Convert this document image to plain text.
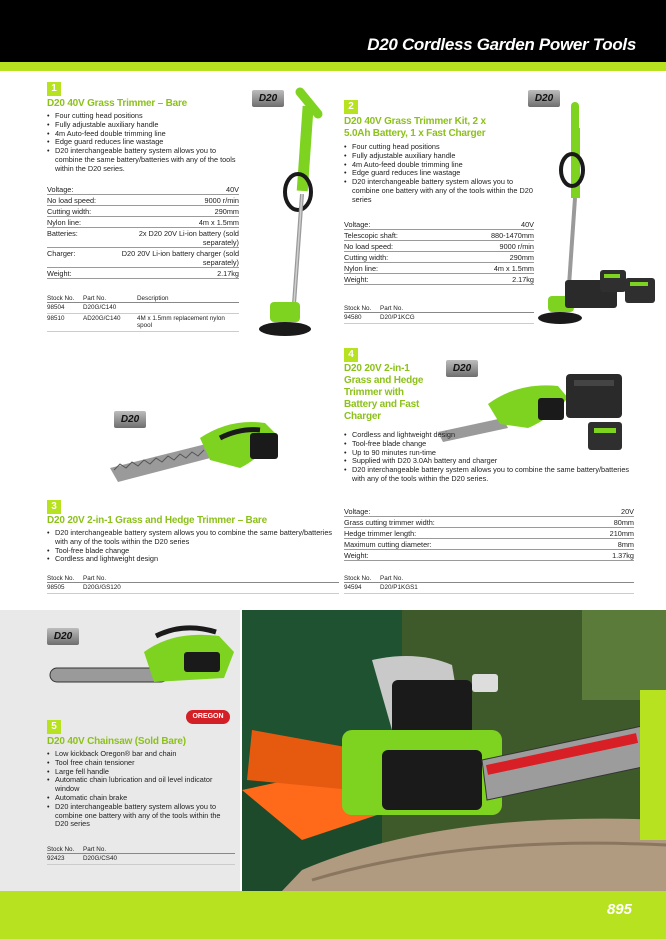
D20 Cordless Garden Power Tools
1
D20 40V Grass Trimmer – Bare
• Four cutting head positions
• Fully adjustable auxiliary handle
• 4m Auto-feed double trimming line
• Edge guard reduces line wastage
• D20 interchangeable battery system allows you to combine the same battery/batteries with any of the tools within the D20 series.
Voltage:	40V
No load speed:	9000 r/min
Cutting width:	290mm
Nylon line:	4m x 1.5mm
Batteries:	2x D20 20V Li-ion battery (sold separately)
Charger:	D20 20V Li-ion battery charger (sold separately)
Weight:	2.17kg
Stock No.	Part No.	Description
98504	D20G/C140
98510	AD20G/C140	4M x 1.5mm replacement nylon spool
D20
2
D20 40V Grass Trimmer Kit, 2 x 5.0Ah Battery, 1 x Fast Charger
• Four cutting head positions
• Fully adjustable auxiliary handle
• 4m Auto-feed double trimming line
• Edge guard reduces line wastage
• D20 interchangeable battery system allows you to combine one battery with any of the tools within the D20 series
Voltage:	40V
Telescopic shaft:	880-1470mm
No load speed:	9000 r/min
Cutting width:	290mm
Nylon line:	4m x 1.5mm
Weight:	2.17kg
Stock No.	Part No.
94580	D20/P1KCG
D20
D20
3
D20 20V 2-in-1 Grass and Hedge Trimmer – Bare
• D20 interchangeable battery system allows you to combine the same battery/batteries with any of the tools within the D20 series
• Tool-free blade change
• Cordless and lightweight design
Stock No.	Part No.
98505	D20G/GS120
4
D20 20V 2-in-1 Grass and Hedge Trimmer with Battery and Fast Charger
D20
• Cordless and lightweight design
• Tool-free blade change
• Up to 90 minutes run-time
• Supplied with D20 3.0Ah battery and charger
• D20 interchangeable battery system allows you to combine the same battery/batteries with any of the tools within the D20 series.
Voltage:	20V
Grass cutting trimmer width:	80mm
Hedge trimmer length:	210mm
Maximum cutting diameter:	8mm
Weight:	1.37kg
Stock No.	Part No.
94594	D20/P1KGS1
D20
OREGON
5
D20 40V Chainsaw (Sold Bare)
• Low kickback Oregon® bar and chain
• Tool free chain tensioner
• Large fell handle
• Automatic chain lubrication and oil level indicator window
• Automatic chain brake
• D20 interchangeable battery system allows you to combine one battery with any of the tools within the D20 series
Stock No.	Part No.
92423	D20G/CS40
895
